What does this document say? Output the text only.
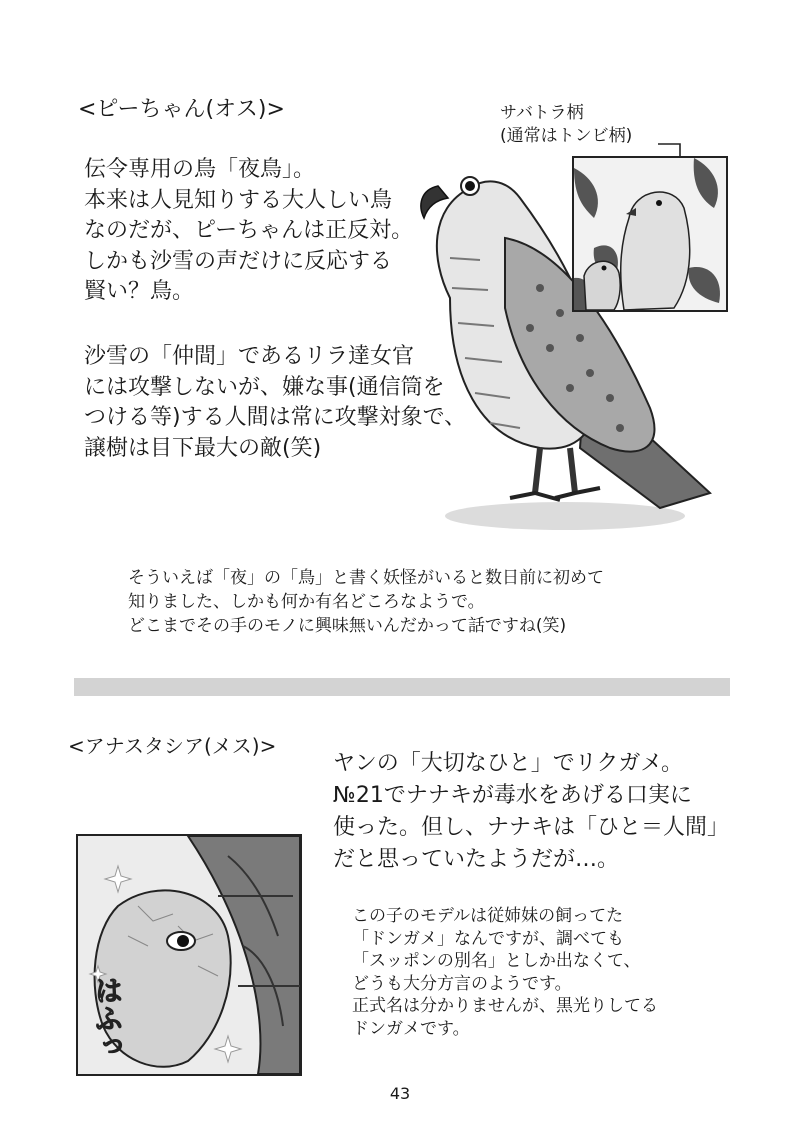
<ピーちゃん(オス)>
伝令専用の鳥「夜鳥」。
本来は人見知りする大人しい鳥
なのだが、ピーちゃんは正反対。
しかも沙雪の声だけに反応する
賢い？鳥。
沙雪の「仲間」であるリラ達女官
には攻撃しないが、嫌な事(通信筒を
つける等)する人間は常に攻撃対象で、
譲樹は目下最大の敵(笑)
サバトラ柄
(通常はトンビ柄)
そういえば「夜」の「鳥」と書く妖怪がいると数日前に初めて
知りました、しかも何か有名どころなようで。
どこまでその手のモノに興味無いんだかって話ですね(笑)
<アナスタシア(メス)>
ヤンの「大切なひと」でリクガメ。
№21でナナキが毒水をあげる口実に
使った。但し、ナナキは「ひと＝人間」
だと思っていたようだが…。
はふっ
この子のモデルは従姉妹の飼ってた
「ドンガメ」なんですが、調べても
「スッポンの別名」としか出なくて、
どうも大分方言のようです。
正式名は分かりませんが、黒光りしてる
ドンガメです。
43
